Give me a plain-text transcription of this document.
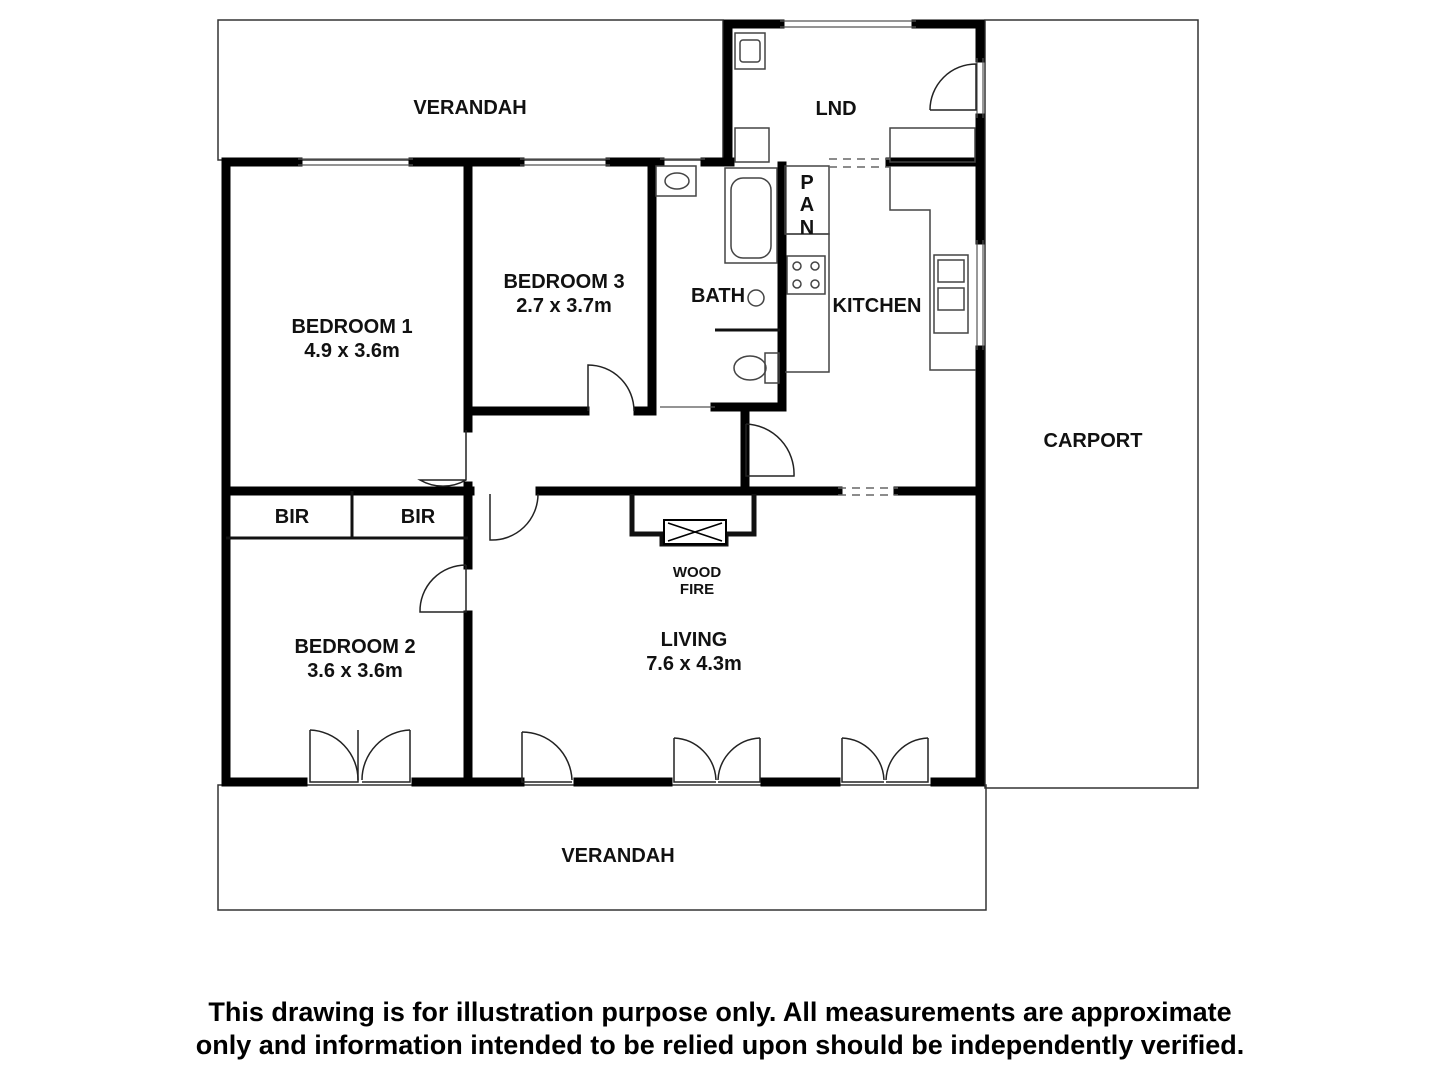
VERANDAH	LND
BEDROOM 1
4.9 x 3.6m
BEDROOM 3
2.7 x 3.7m	BATH
P
A
N
KITCHEN
CARPORT
BIR	BIR
WOOD
FIRE
LIVING
7.6 x 4.3m
BEDROOM 2
3.6 x 3.6m
VERANDAH
This drawing is for illustration purpose only. All measurements are approximate
only and information intended to be relied upon should be independently verified.
